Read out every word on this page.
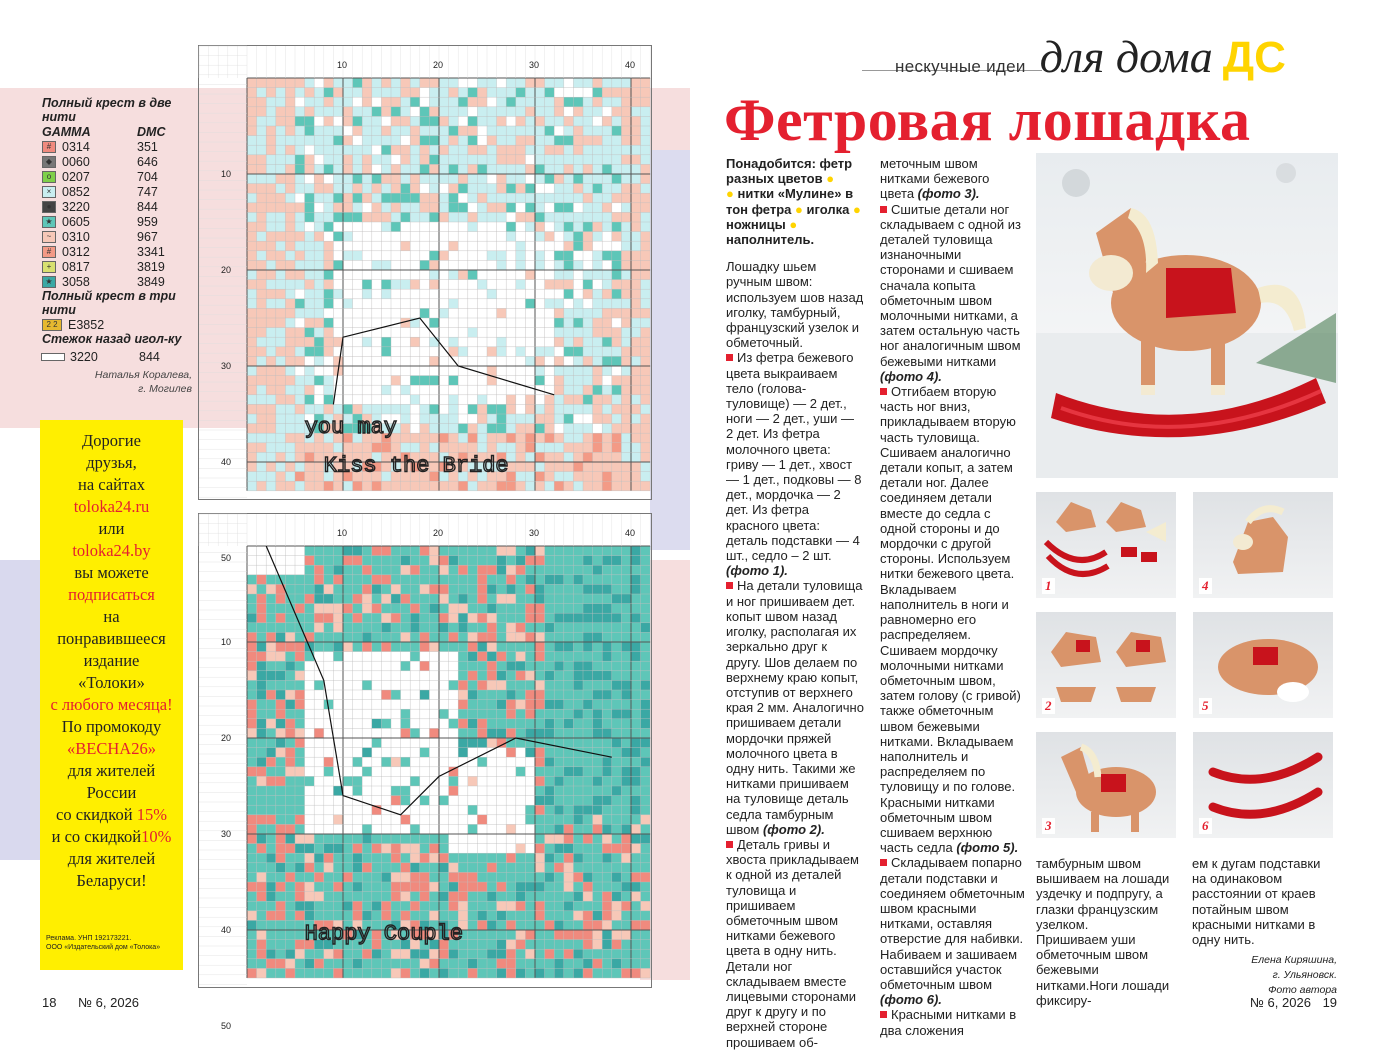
Полный крест в две нити
GAMMA	DMC
# 0314	351
◆ 0060	646
o 0207	704
× 0852	747
● 3220	844
★ 0605	959
~ 0310	967
# 0312	3341
+ 0817	3819
★ 3058	3849
Полный крест в три нити
2 2 Е3852
Стежок назад игол-ку
3220	844
Наталья Коралева,
г. Могилев

Дорогие

друзья,

на сайтах

toloka24.ru

или

toloka24.by

вы можете

подписаться

на

понравившееся

издание

«Толоки»

с любого месяца!

По промокоду

«ВЕСНА26»

для жителей

России

со скидкой 15%

и со скидкой10%

для жителей

Беларуси!

Реклама. УНП 192173221.
ООО «Издательский дом «Толока»
10	20	30	40
10
20
30
40
50
you may
Kiss the Bride
10	20	30	40
10
20
30
40
50
Happy Couple
18 № 6, 2026
нескучные идеи для дома ДС
Фетровая лошадка

Понадобится: фетр разных цветов ●
● нитки «Мулине» в тон фетра ● иголка ● ножницы ● наполнитель.

Лошадку шьем ручным швом: используем шов назад иголку, тамбурный, французский узелок и обметочный.

Из фетра бежевого цвета выкраиваем тело (голова-туловище) — 2 дет., ноги — 2 дет., уши — 2 дет. Из фетра молочного цвета: гриву — 1 дет., хвост — 1 дет., подковы — 8 дет., мордочка — 2 дет. Из фетра красного цвета: деталь подставки — 4 шт., седло – 2 шт. (фото 1).

На детали туловища и ног пришиваем дет. копыт швом назад иголку, располагая их зеркально друг к другу. Шов делаем по верхнему краю копыт, отступив от верхнего края 2 мм. Аналогично пришиваем детали мордочки пряжей молочного цвета в одну нить. Такими же нитками пришиваем на туловище деталь седла тамбурным швом (фото 2).

Деталь гривы и хвоста прикладываем к одной из деталей туловища и пришиваем обметочным швом нитками бежевого цвета в одну нить. Детали ног складываем вместе лицевыми сторонами друг к другу и по верхней стороне прошиваем об-

меточным швом нитками бежевого цвета (фото 3).

Сшитые детали ног складываем с одной из деталей туловища изнаночными сторонами и сшиваем сначала копыта обметочным швом молочными нитками, а затем остальную часть ног аналогичным швом бежевыми нитками (фото 4).

Отгибаем вторую часть ног вниз, прикладываем вторую часть туловища. Сшиваем аналогично детали копыт, а затем детали ног. Далее соединяем детали вместе до седла с одной стороны и до мордочки с другой стороны. Используем нитки бежевого цвета. Вкладываем наполнитель в ноги и равномерно его распределяем.

Сшиваем мордочку молочными нитками обметочным швом, затем голову (с гривой) также обметочным швом бежевыми нитками. Вкладываем наполнитель и распределяем по туловищу и по голове. Красными нитками обметочным швом сшиваем верхнюю часть седла (фото 5).

Складываем попарно детали подставки и соединяем обметочным швом красными нитками, оставляя отверстие для набивки. Набиваем и зашиваем оставшийся участок обметочным швом (фото 6).

Красными нитками в два сложения

тамбурным швом вышиваем на лошади уздечку и подпругу, а глазки французским узелком.

Пришиваем уши обметочным швом бежевыми нитками.Ноги лошади фиксиру-

ем к дугам подставки на одинаковом расстоянии от краев потайным швом красными нитками в одну нить.

Елена Киряшина,
г. Ульяновск.
Фото автора
1	4
2	5
3	6
№ 6, 2026 19
